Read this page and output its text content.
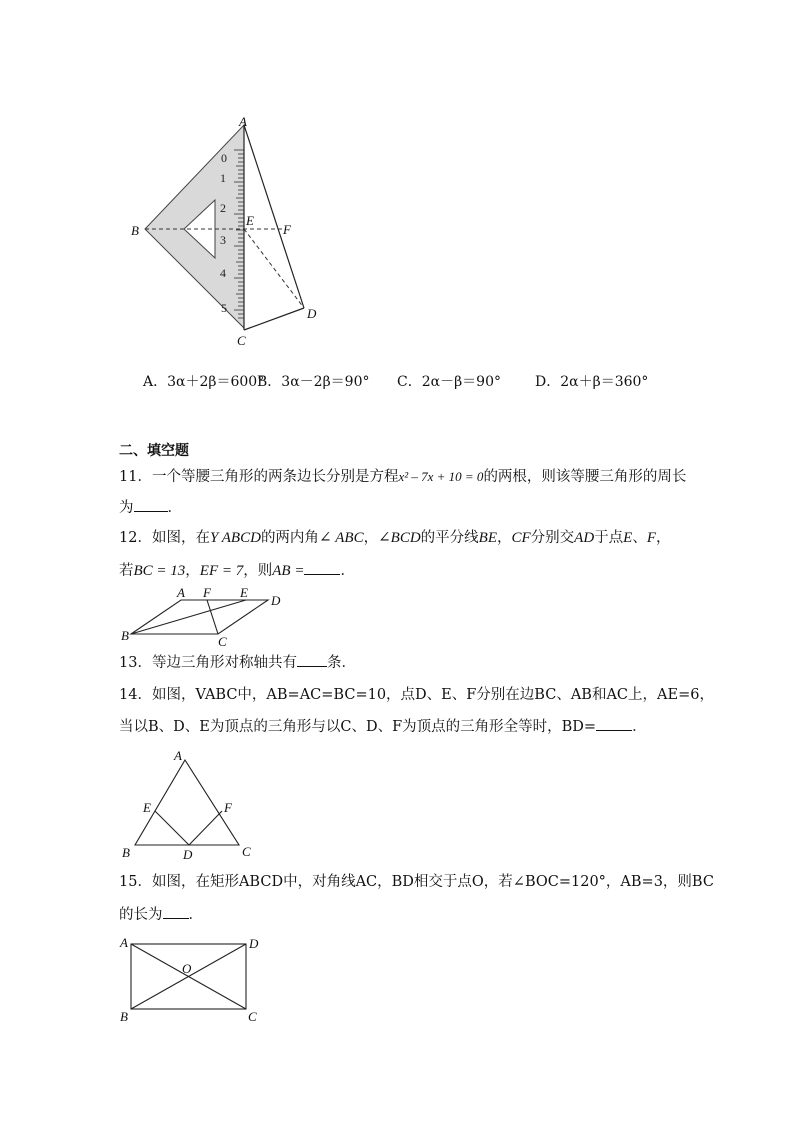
0
1
2
3
4
5
A
B
C
D
E
F
A．3α＋2β＝600°
B．3α－2β＝90° C．2α－β＝90° D．2α＋β＝360°
二、填空题
11．一个等腰三角形的两条边长分别是方程x² – 7x + 10 = 0的两根，则该等腰三角形的周长
为 ．
12．如图，在Y ABCD的两内角∠ ABC，∠BCD的平分线BE，CF分别交AD于点E、F，
若BC = 13，EF = 7，则AB = ．
A F E
D
B	C
13．等边三角形对称轴共有 条．
14．如图，VABC中，AB=AC=BC=10，点D、E、F分别在边BC、AB和AC上，AE=6，
当以B、D、E为顶点的三角形与以C、D、F为顶点的三角形全等时，BD= ．
A
E	F
B	D	C
15．如图，在矩形ABCD中，对角线AC，BD相交于点O，若∠BOC=120°，AB=3，则BC
的长为 ．
A	D
O
B	C
